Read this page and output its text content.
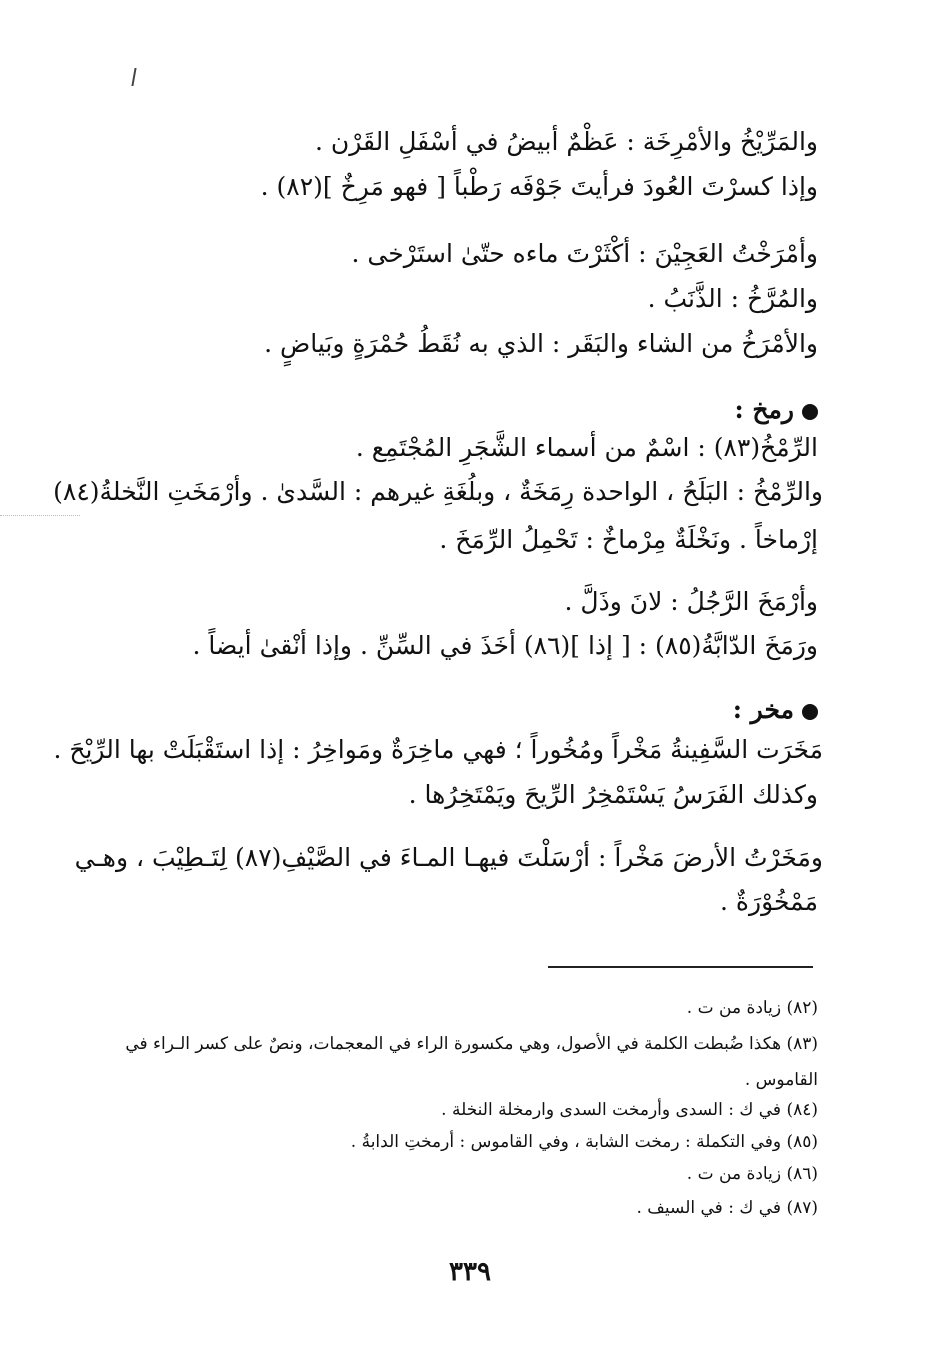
والمَرِّيْخُ والأمْرِخَة : عَظْمٌ أبيضُ في أسْفَلِ القَرْن .
وإذا كسرْتَ العُودَ فرأيتَ جَوْفَه رَطْباً [ فهو مَرِخٌ ](٨٢) .
وأمْرَخْتُ العَجِيْنَ : أكْثَرْتَ ماءه حتّىٰ استَرْخى .
والمُرَّخُ : الذَّنَبُ .
والأمْرَخُ من الشاء والبَقَر : الذي به نُقَطُ حُمْرَةٍ وبَياضٍ .
رمخ :
الرِّمْخُ(٨٣) : اسْمٌ من أسماء الشَّجَرِ المُجْتَمِع .
والرِّمْخُ : البَلَحُ ، الواحدة رِمَخَةٌ ، وبلُغَةِ غيرهم : السَّدىٰ . وأرْمَخَتِ النَّخلةُ(٨٤)
إرْماخاً . ونَخْلَةٌ مِرْماخٌ : تَحْمِلُ الرِّمَخَ .
وأرْمَخَ الرَّجُلُ : لانَ وذَلَّ .
ورَمَخَ الدّابَّةُ(٨٥) : [ إذا ](٨٦) أخَذَ في السِّنِّ . وإذا أنْقىٰ أيضاً .
مخر :
مَخَرَت السَّفِينةُ مَخْراً ومُخُوراً ؛ فهي ماخِرَةٌ ومَواخِرُ : إذا استَقْبَلَتْ بها الرِّيْحَ .
وكذلك الفَرَسُ يَسْتَمْخِرُ الرِّيحَ ويَمْتَخِرُها .
ومَخَرْتُ الأرضَ مَخْراً : أرْسَلْتَ فيهـا المـاءَ في الصَّيْفِ(٨٧) لِتَـطِيْبَ ، وهـي
مَمْخُوْرَةٌ .
(٨٢) زيادة من ت .
(٨٣) هكذا ضُبطت الكلمة في الأصول، وهي مكسورة الراء في المعجمات، ونصٌ على كسر الـراء في
القاموس .
(٨٤) في ك : السدى وأرمخت السدى وارمخلة النخلة .
(٨٥) وفي التكملة : رمخت الشابة ، وفي القاموس : أرمختِ الدابةُ .
(٨٦) زيادة من ت .
(٨٧) في ك : في السيف .
٣٣٩
